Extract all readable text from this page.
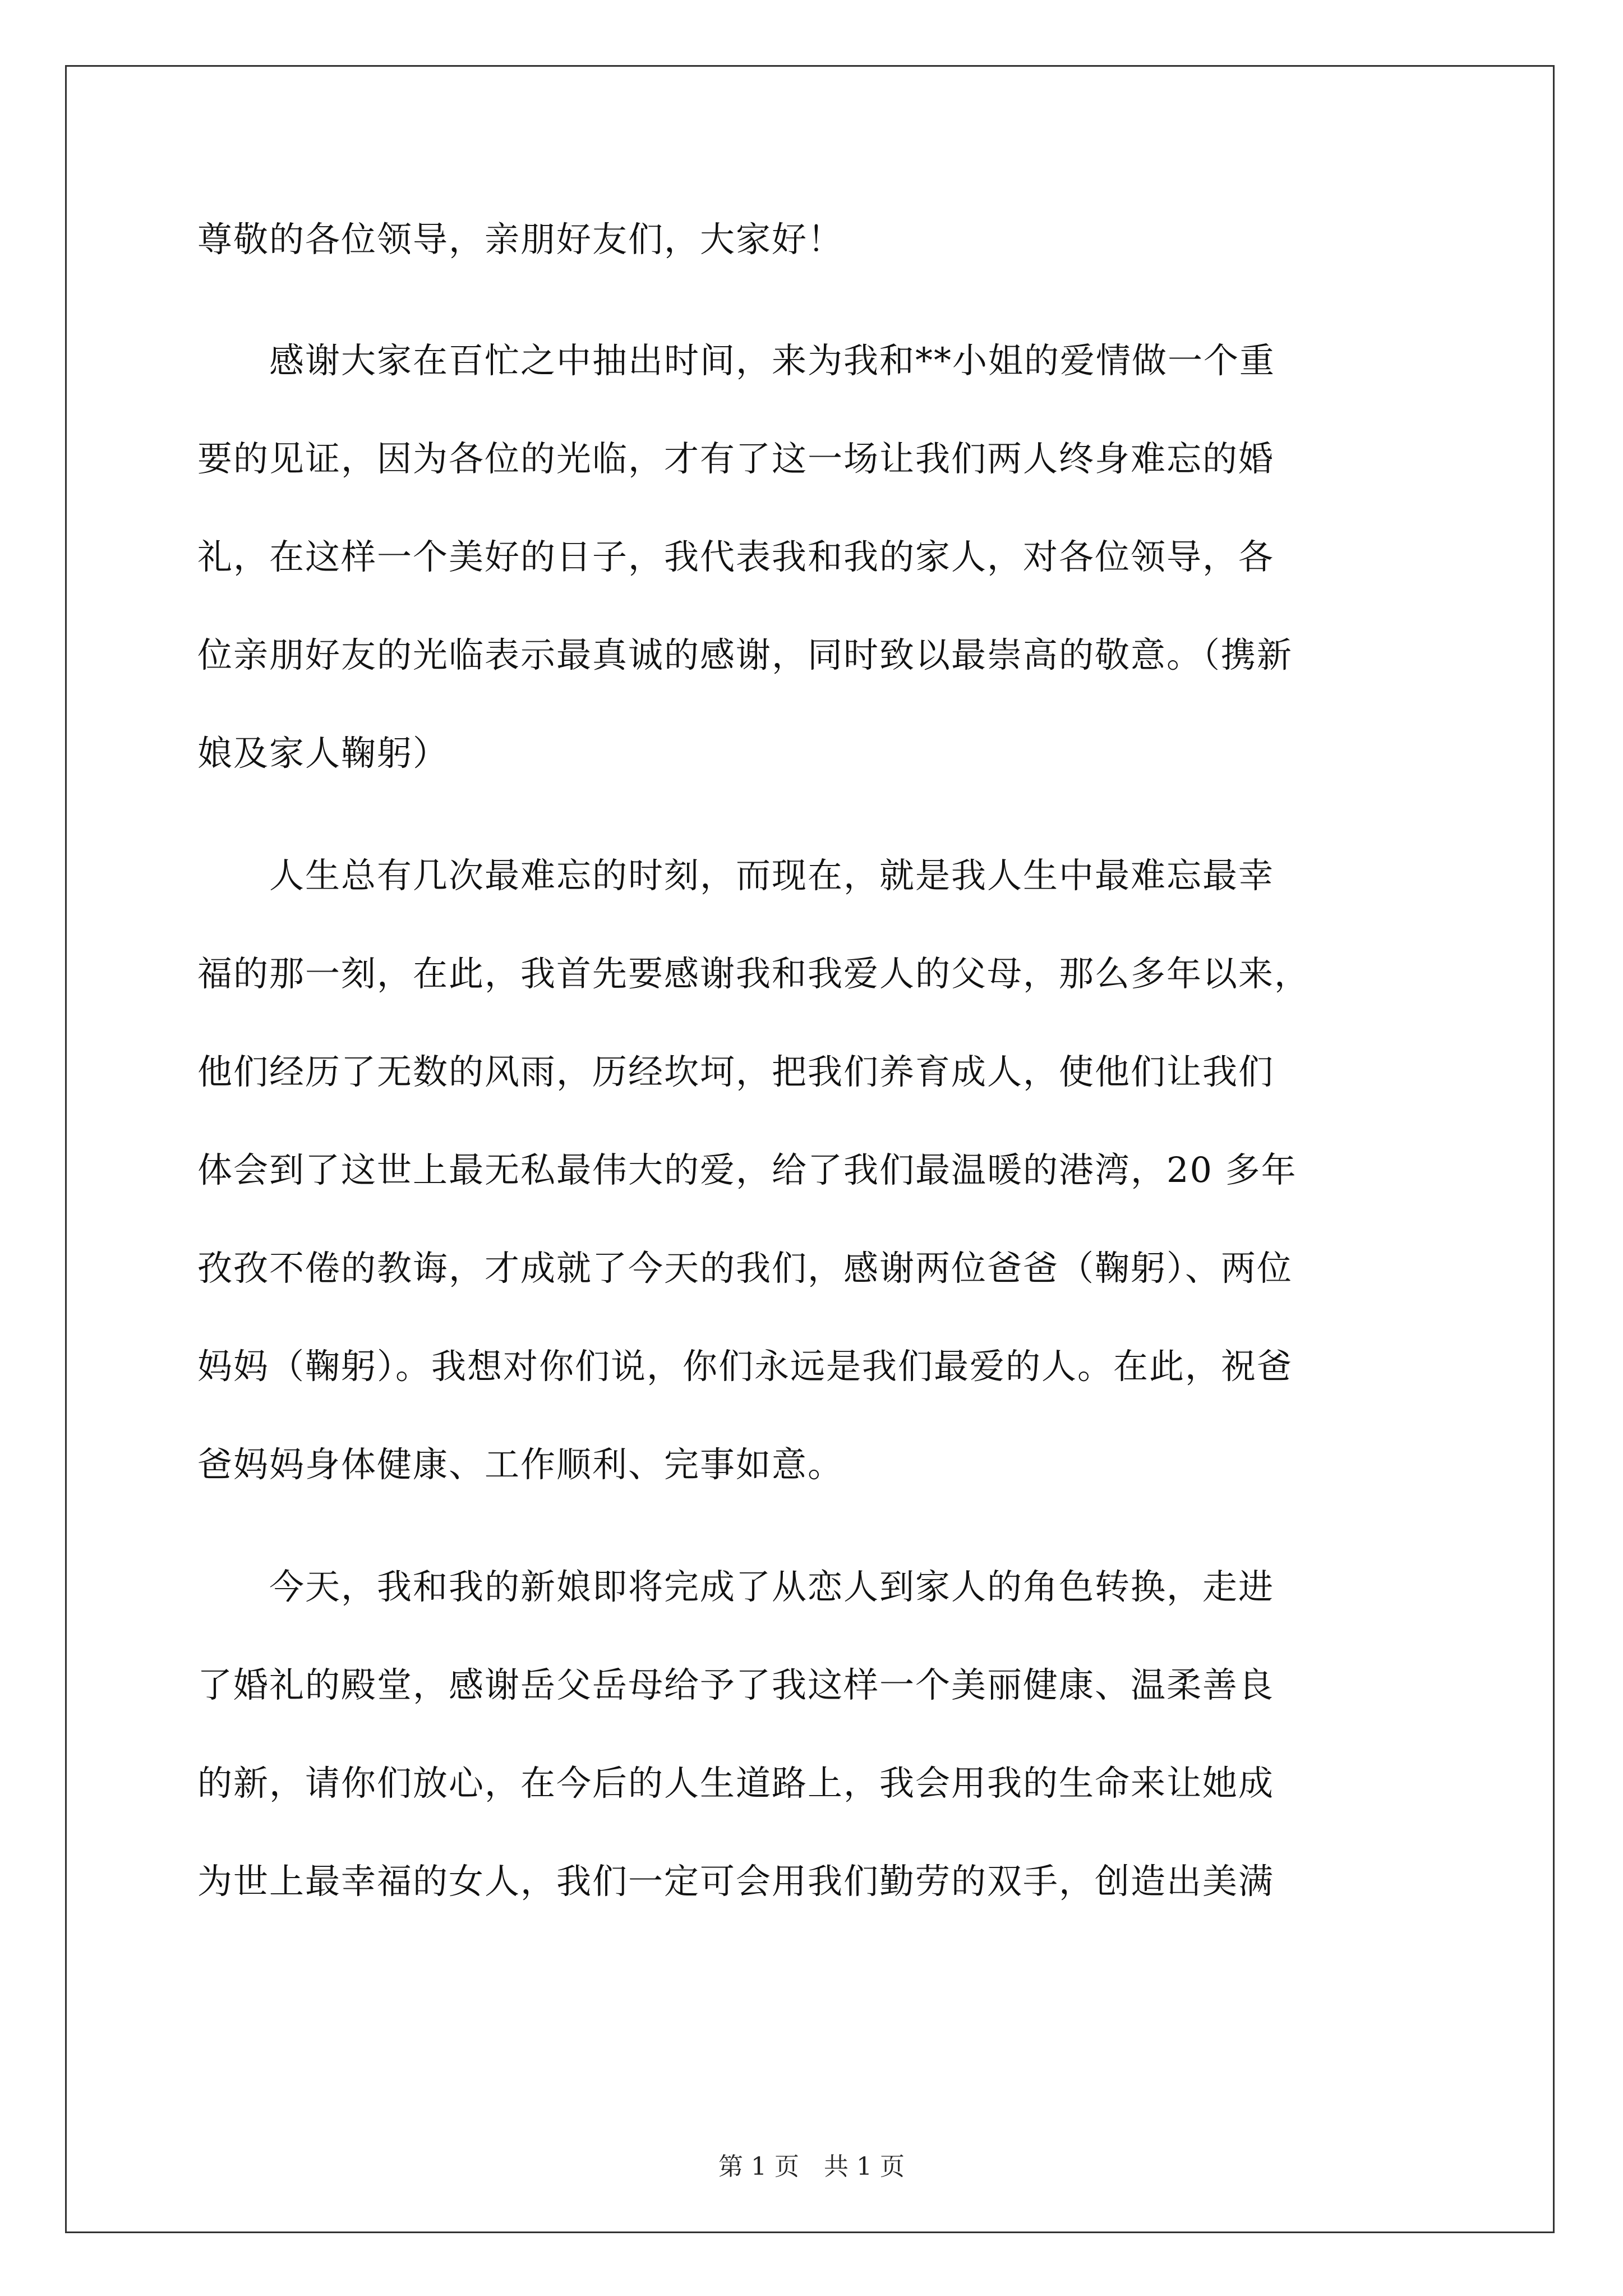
尊敬的各位领导，亲朋好友们，大家好！
　　感谢大家在百忙之中抽出时间，来为我和**小姐的爱情做一个重
要的见证，因为各位的光临，才有了这一场让我们两人终身难忘的婚
礼，在这样一个美好的日子，我代表我和我的家人，对各位领导，各
位亲朋好友的光临表示最真诚的感谢，同时致以最崇高的敬意。（携新
娘及家人鞠躬）
　　人生总有几次最难忘的时刻，而现在，就是我人生中最难忘最幸
福的那一刻，在此，我首先要感谢我和我爱人的父母，那么多年以来，
他们经历了无数的风雨，历经坎坷，把我们养育成人，使他们让我们
体会到了这世上最无私最伟大的爱，给了我们最温暖的港湾，20 多年
孜孜不倦的教诲，才成就了今天的我们，感谢两位爸爸（鞠躬）、两位
妈妈（鞠躬）。我想对你们说，你们永远是我们最爱的人。在此，祝爸
爸妈妈身体健康、工作顺利、完事如意。
　　今天，我和我的新娘即将完成了从恋人到家人的角色转换，走进
了婚礼的殿堂，感谢岳父岳母给予了我这样一个美丽健康、温柔善良
的新，请你们放心，在今后的人生道路上，我会用我的生命来让她成
为世上最幸福的女人，我们一定可会用我们勤劳的双手，创造出美满
第 1 页　共 1 页
